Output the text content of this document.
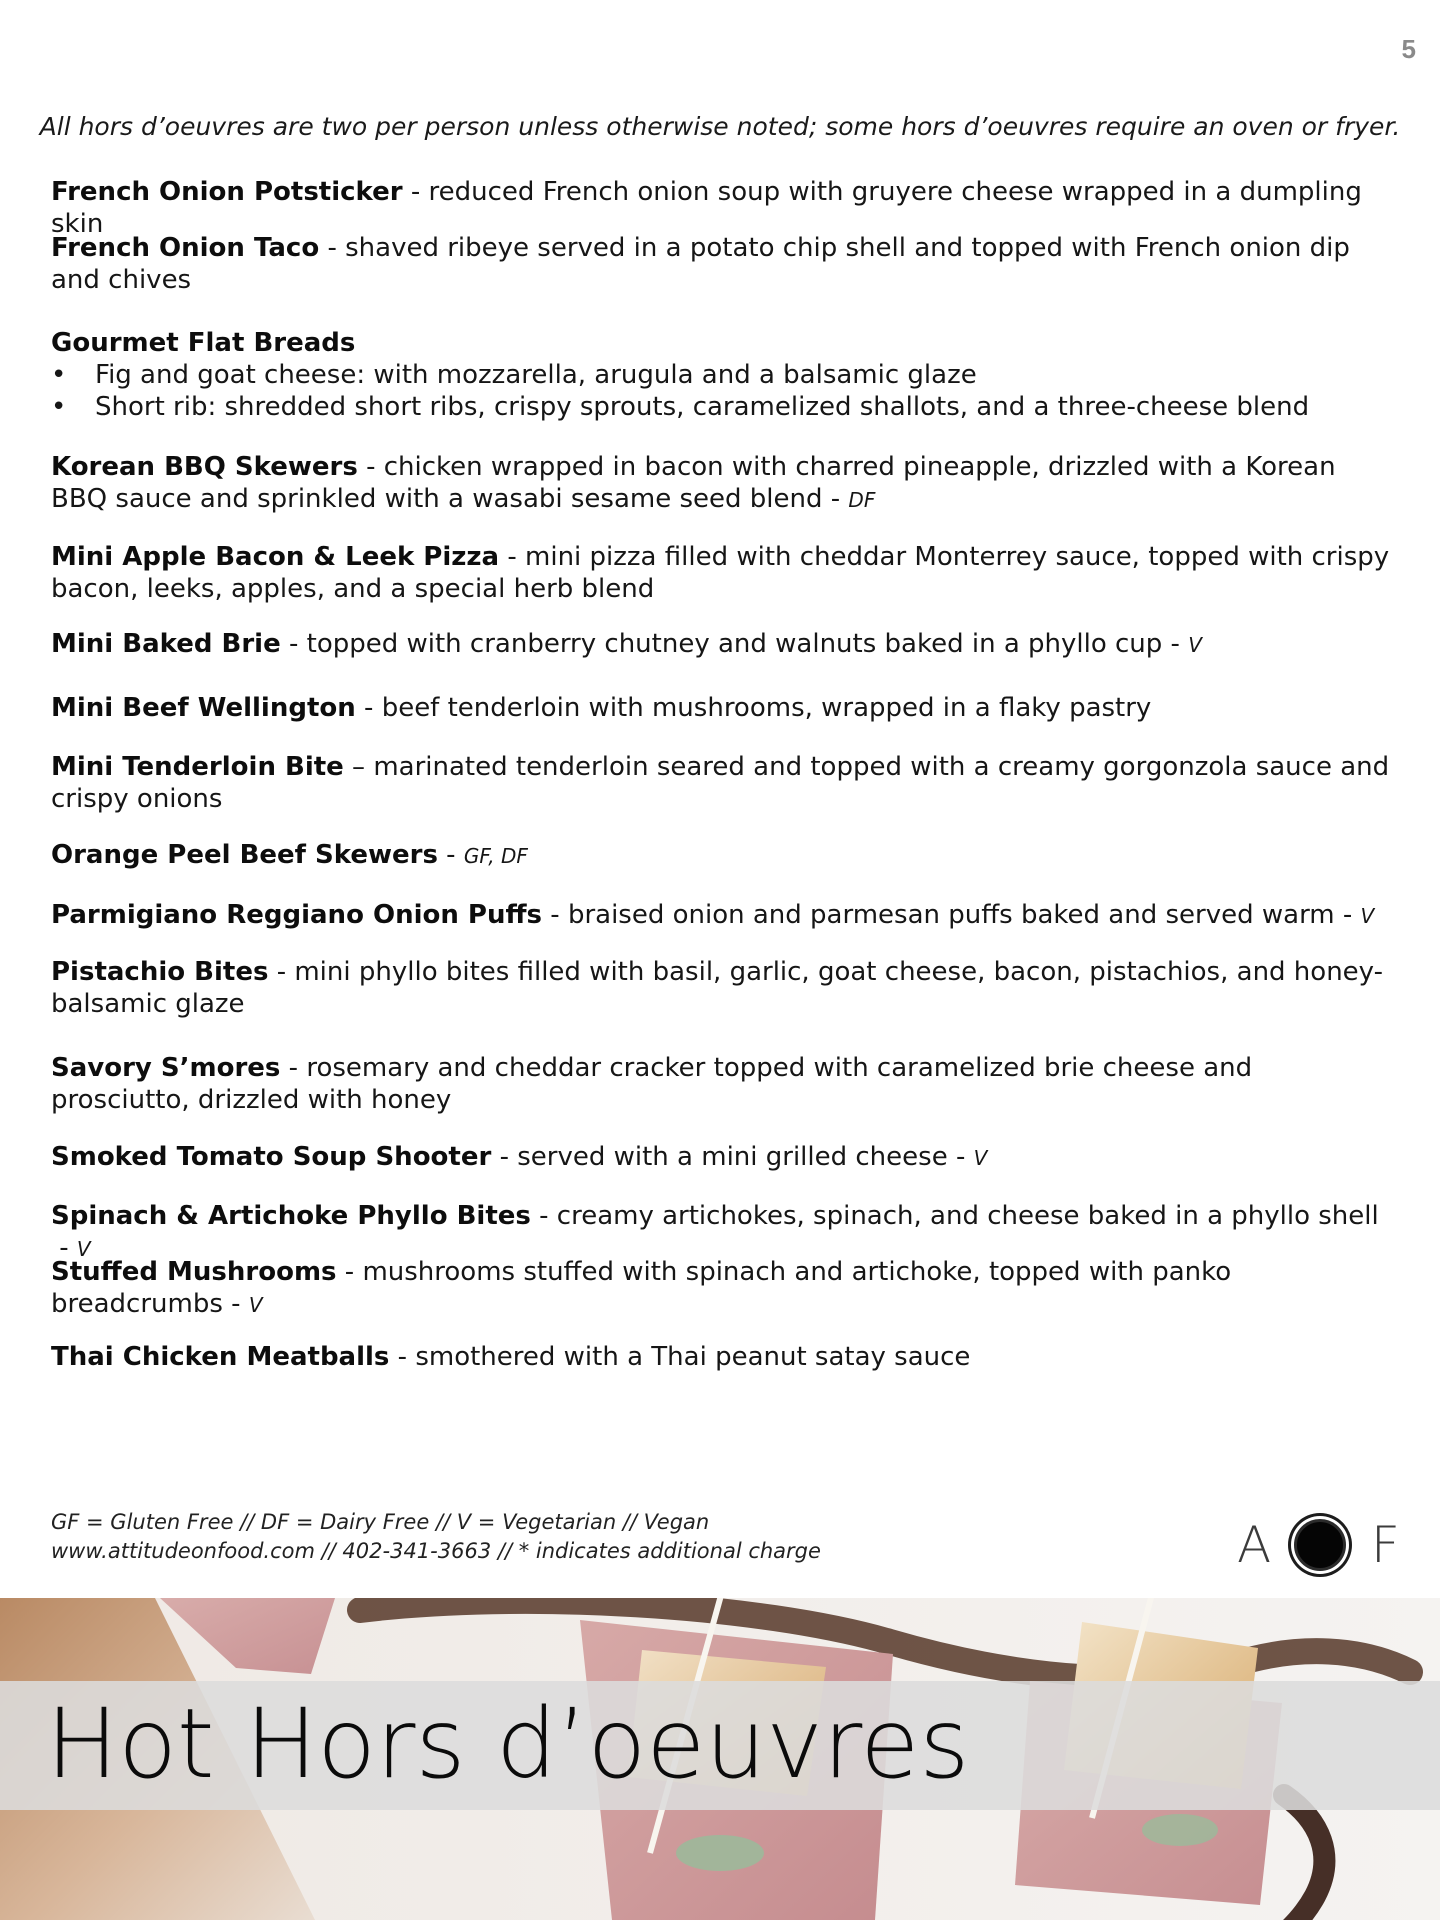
5
All hors d’oeuvres are two per person unless otherwise noted; some hors d’oeuvres require an oven or fryer.
French Onion Potsticker - reduced French onion soup with gruyere cheese wrapped in a dumpling skin
French Onion Taco - shaved ribeye served in a potato chip shell and topped with French onion dip and chives
Gourmet Flat Breads
• Fig and goat cheese: with mozzarella, arugula and a balsamic glaze
• Short rib: shredded short ribs, crispy sprouts, caramelized shallots, and a three-cheese blend
Korean BBQ Skewers - chicken wrapped in bacon with charred pineapple, drizzled with a Korean BBQ sauce and sprinkled with a wasabi sesame seed blend - DF
Mini Apple Bacon & Leek Pizza - mini pizza filled with cheddar Monterrey sauce, topped with crispy bacon, leeks, apples, and a special herb blend
Mini Baked Brie - topped with cranberry chutney and walnuts baked in a phyllo cup - V
Mini Beef Wellington - beef tenderloin with mushrooms, wrapped in a flaky pastry
Mini Tenderloin Bite – marinated tenderloin seared and topped with a creamy gorgonzola sauce and crispy onions
Orange Peel Beef Skewers - GF, DF
Parmigiano Reggiano Onion Puffs - braised onion and parmesan puffs baked and served warm - V
Pistachio Bites - mini phyllo bites filled with basil, garlic, goat cheese, bacon, pistachios, and honey-balsamic glaze
Savory S’mores - rosemary and cheddar cracker topped with caramelized brie cheese and prosciutto, drizzled with honey
Smoked Tomato Soup Shooter - served with a mini grilled cheese - V
Spinach & Artichoke Phyllo Bites - creamy artichokes, spinach, and cheese baked in a phyllo shell - V
Stuffed Mushrooms - mushrooms stuffed with spinach and artichoke, topped with panko breadcrumbs - V
Thai Chicken Meatballs - smothered with a Thai peanut satay sauce
GF = Gluten Free // DF = Dairy Free // V = Vegetarian // Vegan
www.attitudeonfood.com // 402-341-3663 // * indicates additional charge	A F
Hot Hors d’oeuvres
